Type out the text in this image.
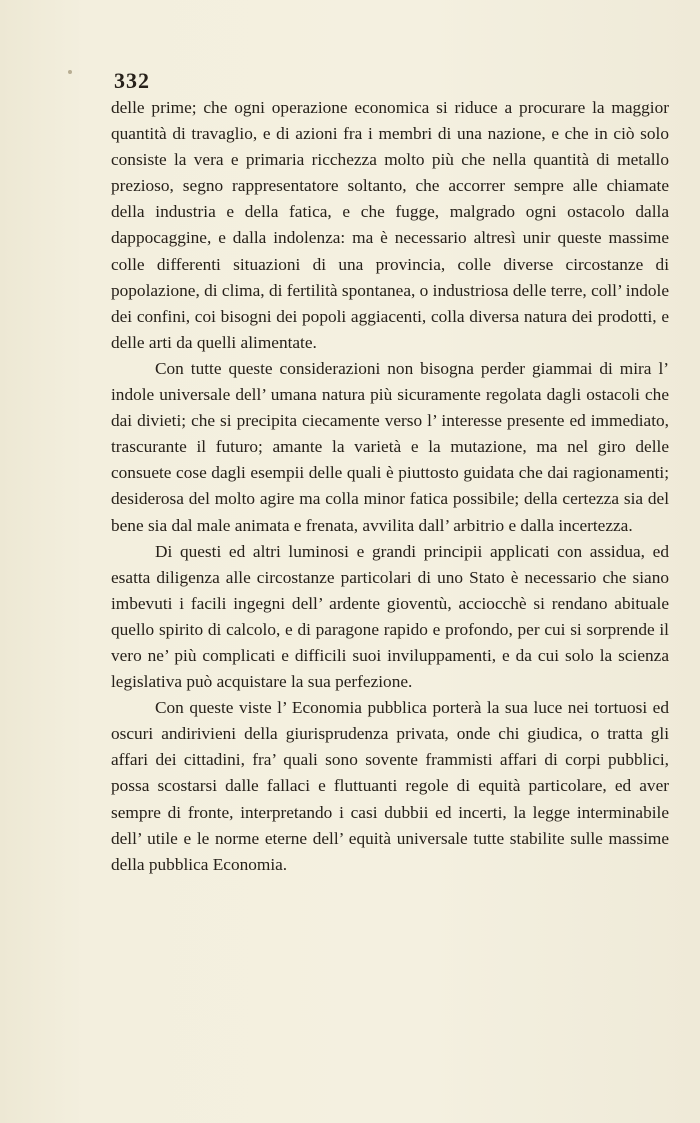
332

delle prime; che ogni operazione economica si riduce a procurare la maggior quantità di travaglio, e di azioni fra i membri di una nazione, e che in ciò solo consiste la vera e primaria ricchezza molto più che nella quantità di metallo prezioso, segno rappresentatore soltanto, che accorrer sempre alle chiamate della industria e della fatica, e che fugge, malgrado ogni ostacolo dalla dappocaggine, e dalla indolenza: ma è necessario altresì unir queste massime colle differenti situazioni di una provincia, colle diverse circostanze di popolazione, di clima, di fertilità spontanea, o industriosa delle terre, coll’ indole dei confini, coi bisogni dei popoli aggiacenti, colla diversa natura dei prodotti, e delle arti da quelli alimentate.

Con tutte queste considerazioni non bisogna perder giammai di mira l’ indole universale dell’ umana natura più sicuramente regolata dagli ostacoli che dai divieti; che si precipita ciecamente verso l’ interesse presente ed immediato, trascurante il futuro; amante la varietà e la mutazione, ma nel giro delle consuete cose dagli esempii delle quali è piuttosto guidata che dai ragionamenti; desiderosa del molto agire ma colla minor fatica possibile; della certezza sia del bene sia dal male animata e frenata, avvilita dall’ arbitrio e dalla incertezza.

Di questi ed altri luminosi e grandi principii applicati con assidua, ed esatta diligenza alle circostanze particolari di uno Stato è necessario che siano imbevuti i facili ingegni dell’ ardente gioventù, acciocchè si rendano abituale quello spirito di calcolo, e di paragone rapido e profondo, per cui si sorprende il vero ne’ più complicati e difficili suoi inviluppamenti, e da cui solo la scienza legislativa può acquistare la sua perfezione.

Con queste viste l’ Economia pubblica porterà la sua luce nei tortuosi ed oscuri andirivieni della giurisprudenza privata, onde chi giudica, o tratta gli affari dei cittadini, fra’ quali sono sovente frammisti affari di corpi pubblici, possa scostarsi dalle fallaci e fluttuanti regole di equità particolare, ed aver sempre di fronte, interpretando i casi dubbii ed incerti, la legge interminabile dell’ utile e le norme eterne dell’ equità universale tutte stabilite sulle massime della pubblica Economia.
